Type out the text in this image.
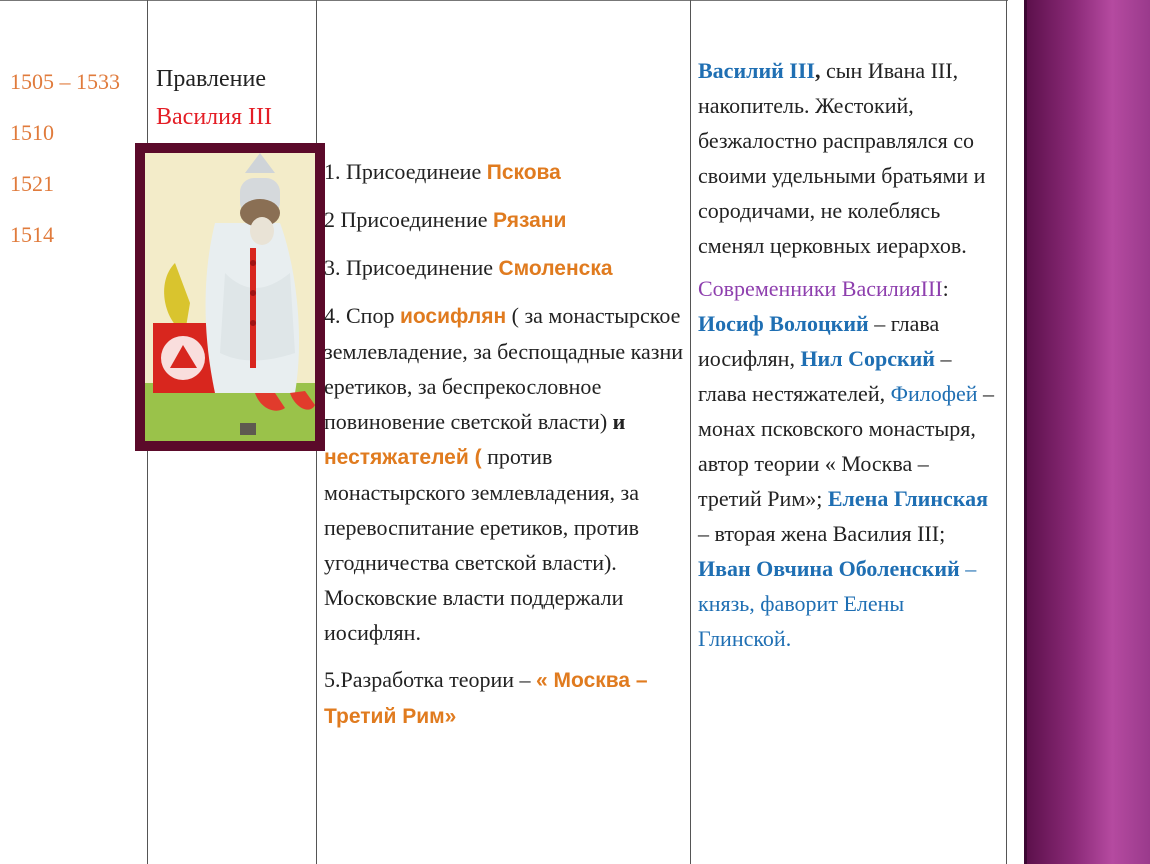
1505 – 1533
1510
1521
1514
Правление
Василия III

1. Присоединеие Пскова

2 Присоединение Рязани

3. Присоединение Смоленска

4. Спор иосифлян ( за монастырское землевладение, за беспощадные казни еретиков, за беспрекословное повиновение светской власти) и
нестяжателей ( против монастырского землевладения, за перевоспитание еретиков, против угодничества светской власти). Московские власти поддержали иосифлян.

5.Разработка теории – « Москва – Третий Рим»

Василий III, сын Ивана III, накопитель. Жестокий, безжалостно расправлялся со своими удельными братьями и сородичами, не колеблясь сменял церковных иерархов.

Современники ВасилияIII: Иосиф Волоцкий – глава иосифлян, Нил Сорский – глава нестяжателей, Филофей – монах псковского монастыря, автор теории « Москва – третий Рим»; Елена Глинская – вторая жена Василия III; Иван Овчина Оболенский – князь, фаворит Елены Глинской.
